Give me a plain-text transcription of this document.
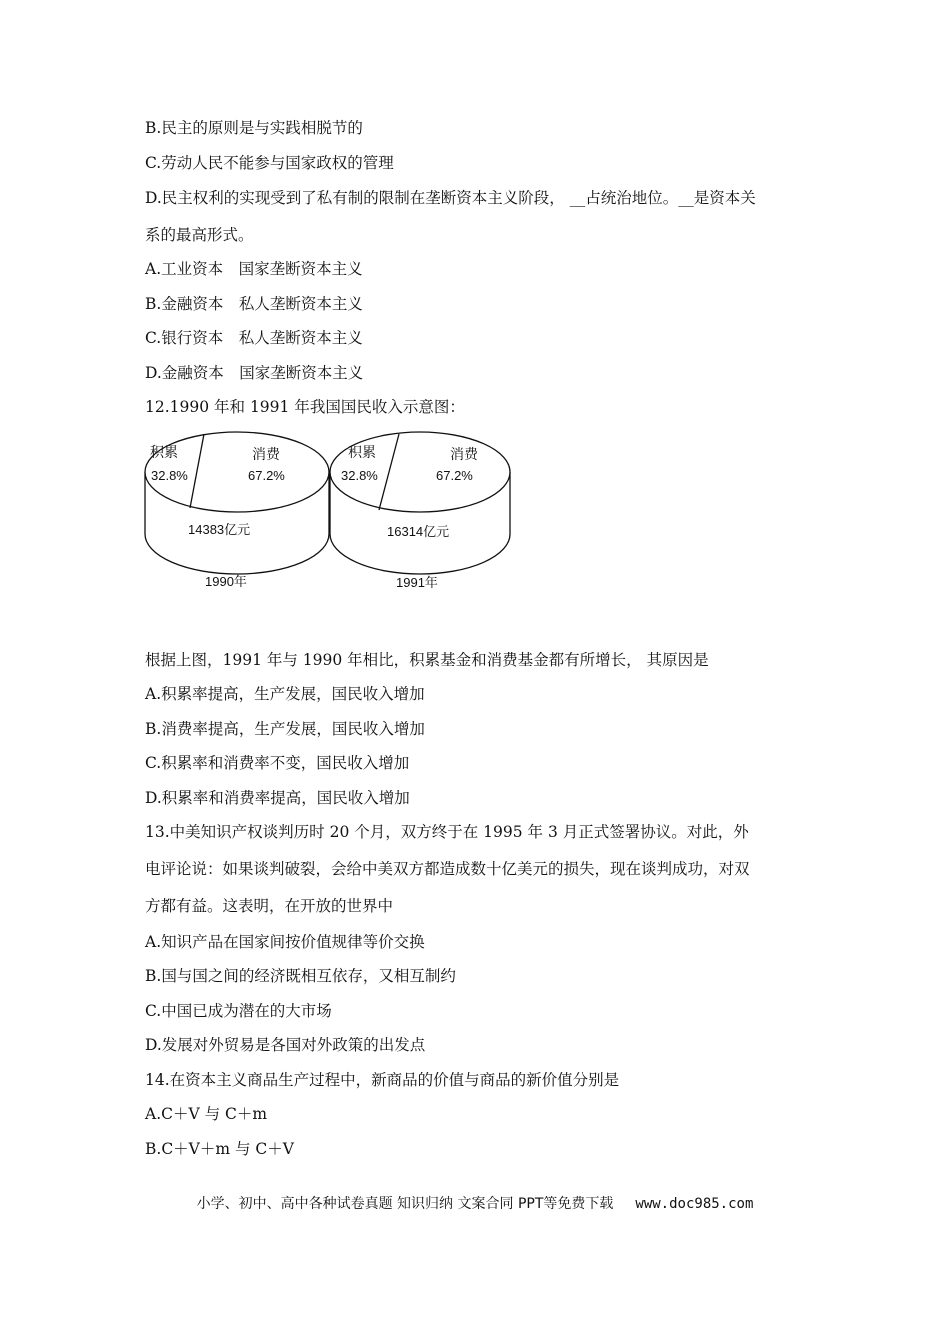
B.民主的原则是与实践相脱节的
C.劳动人民不能参与国家政权的管理
D.民主权利的实现受到了私有制的限制在垄断资本主义阶段， __占统治地位。__是资本关
系的最高形式。
A.工业资本　国家垄断资本主义
B.金融资本　私人垄断资本主义
C.银行资本　私人垄断资本主义
D.金融资本　国家垄断资本主义
12.1990 年和 1991 年我国国民收入示意图：
积累
32.8%
消费
67.2%
14383亿元
1990年
积累
32.8%
消费
67.2%
16314亿元
1991年
根据上图，1991 年与 1990 年相比，积累基金和消费基金都有所增长， 其原因是
A.积累率提高，生产发展，国民收入增加
B.消费率提高，生产发展，国民收入增加
C.积累率和消费率不变，国民收入增加
D.积累率和消费率提高，国民收入增加
13.中美知识产权谈判历时 20 个月，双方终于在 1995 年 3 月正式签署协议。对此，外
电评论说：如果谈判破裂，会给中美双方都造成数十亿美元的损失，现在谈判成功，对双
方都有益。这表明，在开放的世界中
A.知识产品在国家间按价值规律等价交换
B.国与国之间的经济既相互依存，又相互制约
C.中国已成为潜在的大市场
D.发展对外贸易是各国对外政策的出发点
14.在资本主义商品生产过程中，新商品的价值与商品的新价值分别是
A.C＋V 与 C＋m
B.C＋V＋m 与 C＋V
小学、初中、高中各种试卷真题 知识归纳 文案合同 PPT等免费下载 www.doc985.com
